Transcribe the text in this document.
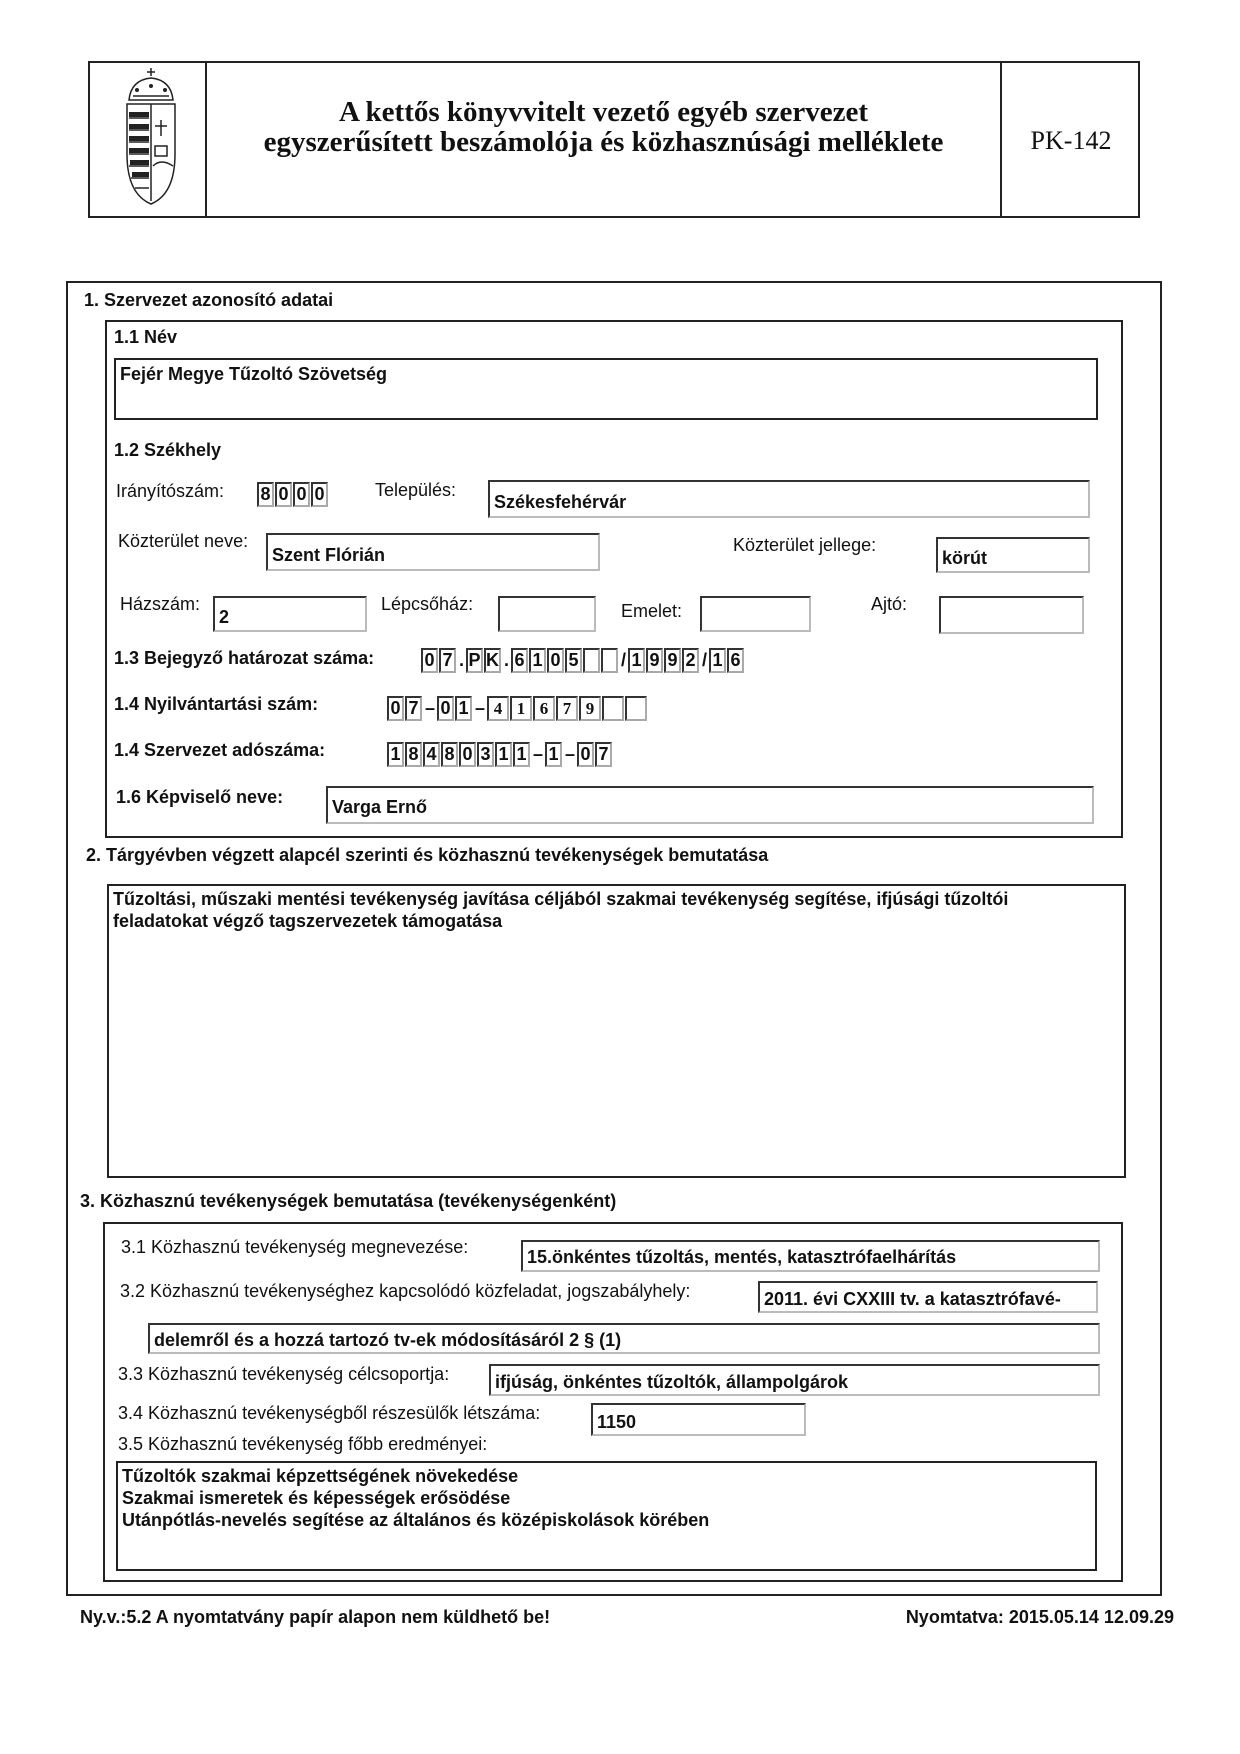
A kettős könyvvitelt vezető egyéb szervezet
egyszerűsített beszámolója és közhasznúsági melléklete	PK-142
1. Szervezet azonosító adatai
1.1 Név
Fejér Megye Tűzoltó Szövetség
1.2 Székhely
Irányítószám: 8 0 0 0	Település:
Székesfehérvár
Közterület neve:
Szent Flórián	Közterület jellege:
körút
Házszám:
2
Lépcsőház:	Emelet:	Ajtó:
1.3 Bejegyző határozat száma:	0 7 . P K . 6 1 0 5 / 1 9 9 2 / 1 6
1.4 Nyilvántartási szám:	0 7 – 0 1 – 4 1 6 7 9
1.4 Szervezet adószáma:	1 8 4 8 0 3 1 1 – 1 – 0 7
1.6 Képviselő neve:	Varga Ernő
2. Tárgyévben végzett alapcél szerinti és közhasznú tevékenységek bemutatása
Tűzoltási, műszaki mentési tevékenység javítása céljából szakmai tevékenység segítése, ifjúsági tűzoltói
feladatokat végző tagszervezetek támogatása
3. Közhasznú tevékenységek bemutatása (tevékenységenként)
3.1 Közhasznú tevékenység megnevezése:	15.önkéntes tűzoltás, mentés, katasztrófaelhárítás
3.2 Közhasznú tevékenységhez kapcsolódó közfeladat, jogszabályhely:	2011. évi CXXIII tv. a katasztrófavé-
delemről és a hozzá tartozó tv-ek módosításáról 2 § (1)
3.3 Közhasznú tevékenység célcsoportja:	ifjúság, önkéntes tűzoltók, állampolgárok
3.4 Közhasznú tevékenységből részesülők létszáma:	1150
3.5 Közhasznú tevékenység főbb eredményei:
Tűzoltók szakmai képzettségének növekedése
Szakmai ismeretek és képességek erősödése
Utánpótlás-nevelés segítése az általános és középiskolások körében
Ny.v.:5.2 A nyomtatvány papír alapon nem küldhető be!	Nyomtatva: 2015.05.14 12.09.29
